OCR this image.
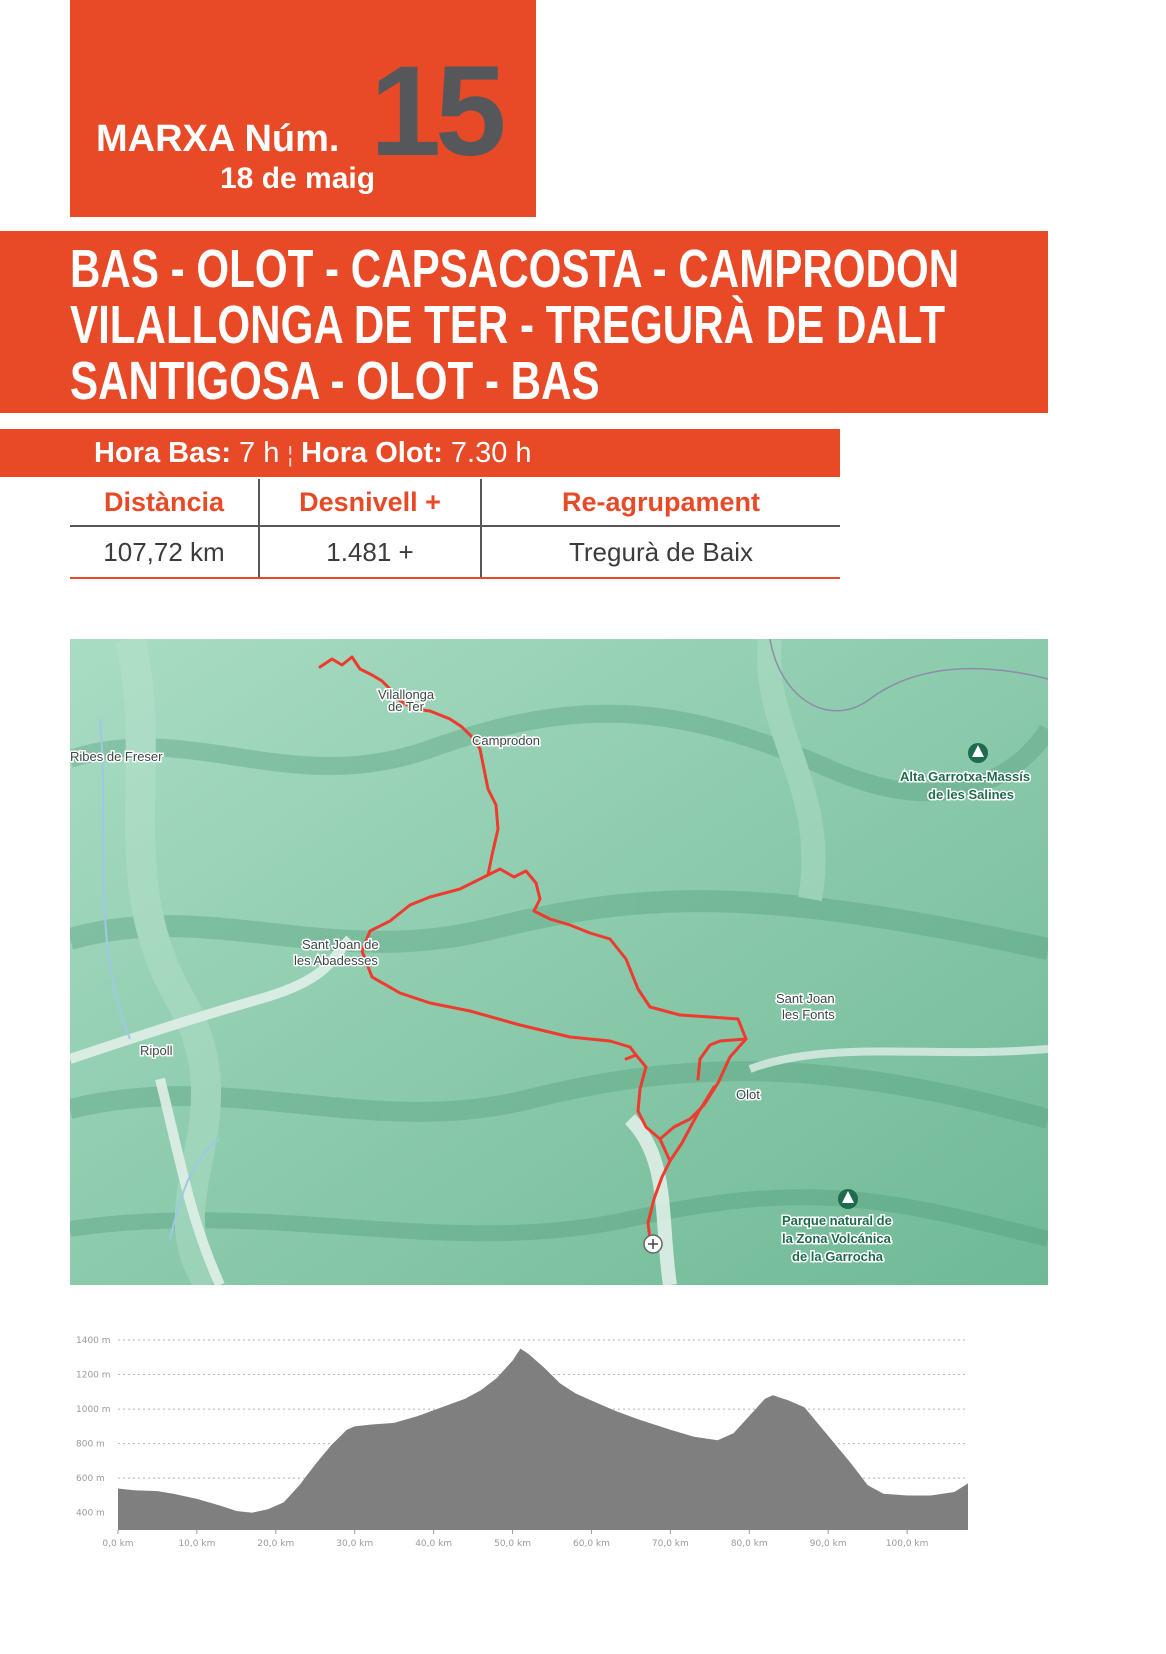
MARXA Núm.
18 de maig
15
BAS - OLOT - CAPSACOSTA - CAMPRODON
VILALLONGA DE TER - TREGURÀ DE DALT
SANTIGOSA - OLOT - BAS
Hora Bas: 7 h ¦ Hora Olot: 7.30 h
Distància	Desnivell +	Re-agrupament
107,72 km	1.481 +	Tregurà de Baix
Vilallonga
de Ter
Camprodon
Ribes de Freser
Sant Joan de
les Abadesses
Ripoll
Sant Joan
les Fonts
Olot
Alta Garrotxa-Massís
de les Salines
Parque natural de
la Zona Volcánica
de la Garrocha
400 m
600 m
800 m
1000 m
1200 m
1400 m
0,0 km	10,0 km	20,0 km	30,0 km	40,0 km	50,0 km	60,0 km	70,0 km	80,0 km	90,0 km	100,0 km
